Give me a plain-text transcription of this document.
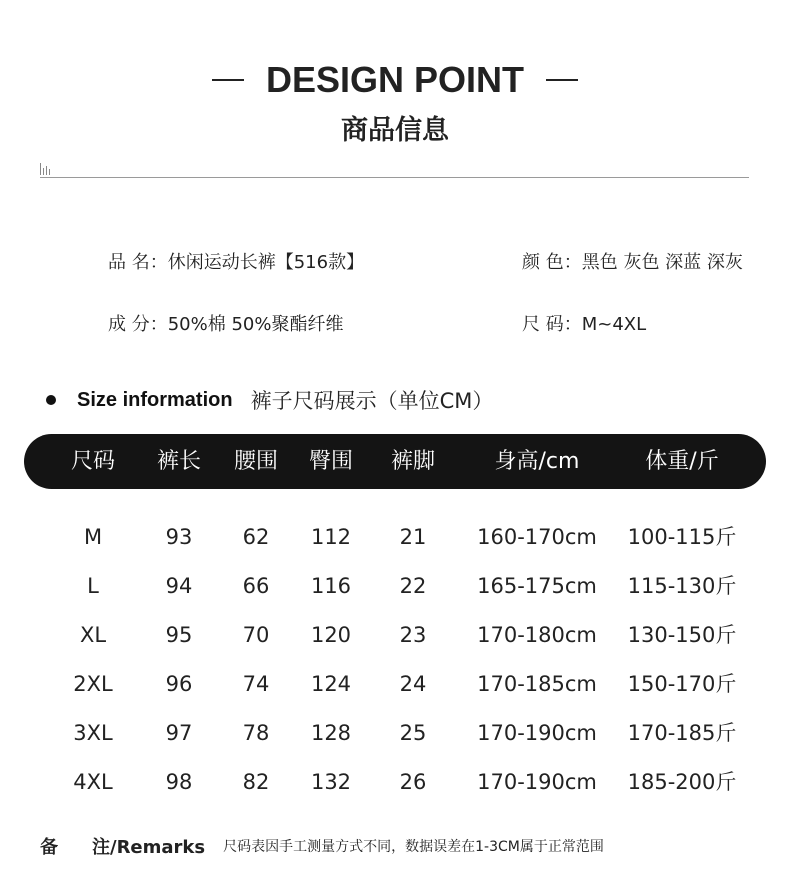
DESIGN POINT
商品信息
品 名：休闲运动长裤【516款】	颜 色：黑色 灰色 深蓝 深灰
成 分：50%棉 50%聚酯纤维	尺 码：M~4XL
Size information 裤子尺码展示（单位CM）
尺码 裤长 腰围 臀围 裤脚	身高/cm	体重/斤
M	93 62 112 21 160-170cm 100-115斤
L	94 66 116 22 165-175cm 115-130斤
XL	95 70 120 23 170-180cm 130-150斤
2XL	96 74 124 24 170-185cm 150-170斤
3XL	97 78 128 25 170-190cm 170-185斤
4XL	98 82 132 26 170-190cm 185-200斤
备	注/Remarks 尺码表因手工测量方式不同，数据误差在1-3CM属于正常范围
